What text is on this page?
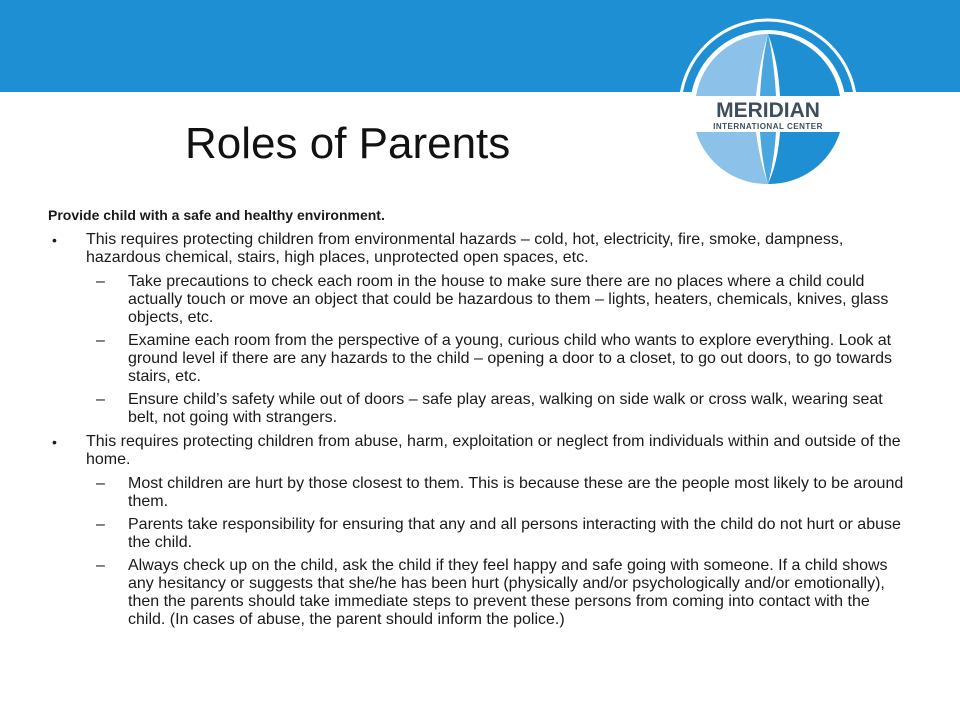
MERIDIAN
INTERNATIONAL CENTER
Roles of Parents

Provide child with a safe and healthy environment.

• This requires protecting children from environmental hazards – cold, hot, electricity, fire, smoke, dampness, hazardous chemical, stairs, high places, unprotected open spaces, etc.
– Take precautions to check each room in the house to make sure there are no places where a child could actually touch or move an object that could be hazardous to them – lights, heaters, chemicals, knives, glass objects, etc.
– Examine each room from the perspective of a young, curious child who wants to explore everything. Look at ground level if there are any hazards to the child – opening a door to a closet, to go out doors, to go towards stairs, etc.
– Ensure child’s safety while out of doors – safe play areas, walking on side walk or cross walk, wearing seat belt, not going with strangers.
• This requires protecting children from abuse, harm, exploitation or neglect from individuals within and outside of the home.
– Most children are hurt by those closest to them. This is because these are the people most likely to be around them.
– Parents take responsibility for ensuring that any and all persons interacting with the child do not hurt or abuse the child.
– Always check up on the child, ask the child if they feel happy and safe going with someone. If a child shows any hesitancy or suggests that she/he has been hurt (physically and/or psychologically and/or emotionally), then the parents should take immediate steps to prevent these persons from coming into contact with the child. (In cases of abuse, the parent should inform the police.)
